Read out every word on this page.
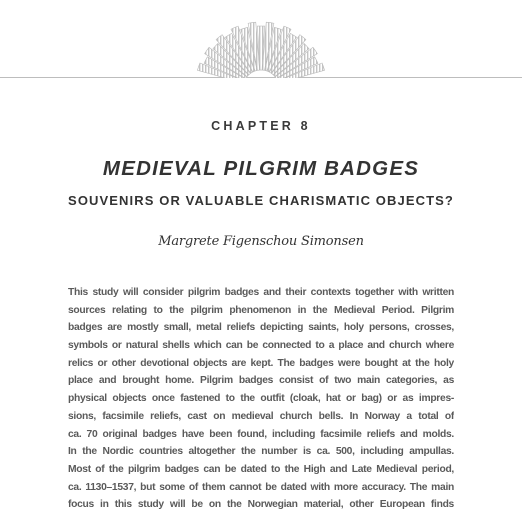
CHAPTER 8
MEDIEVAL PILGRIM BADGES
SOUVENIRS OR VALUABLE CHARISMATIC OBJECTS?
Margrete Figenschou Simonsen
This study will consider pilgrim badges and their contexts together with written
sources relating to the pilgrim phenomenon in the Medieval Period. Pilgrim
badges are mostly small, metal reliefs depicting saints, holy persons, crosses,
symbols or natural shells which can be connected to a place and church where
relics or other devotional objects are kept. The badges were bought at the holy
place and brought home. Pilgrim badges consist of two main categories, as
physical objects once fastened to the outfit (cloak, hat or bag) or as impres-
sions, facsimile reliefs, cast on medieval church bells. In Norway a total of
ca. 70 original badges have been found, including facsimile reliefs and molds.
In the Nordic countries altogether the number is ca. 500, including ampullas.
Most of the pilgrim badges can be dated to the High and Late Medieval period,
ca. 1130–1537, but some of them cannot be dated with more accuracy. The main
focus in this study will be on the Norwegian material, other European finds
